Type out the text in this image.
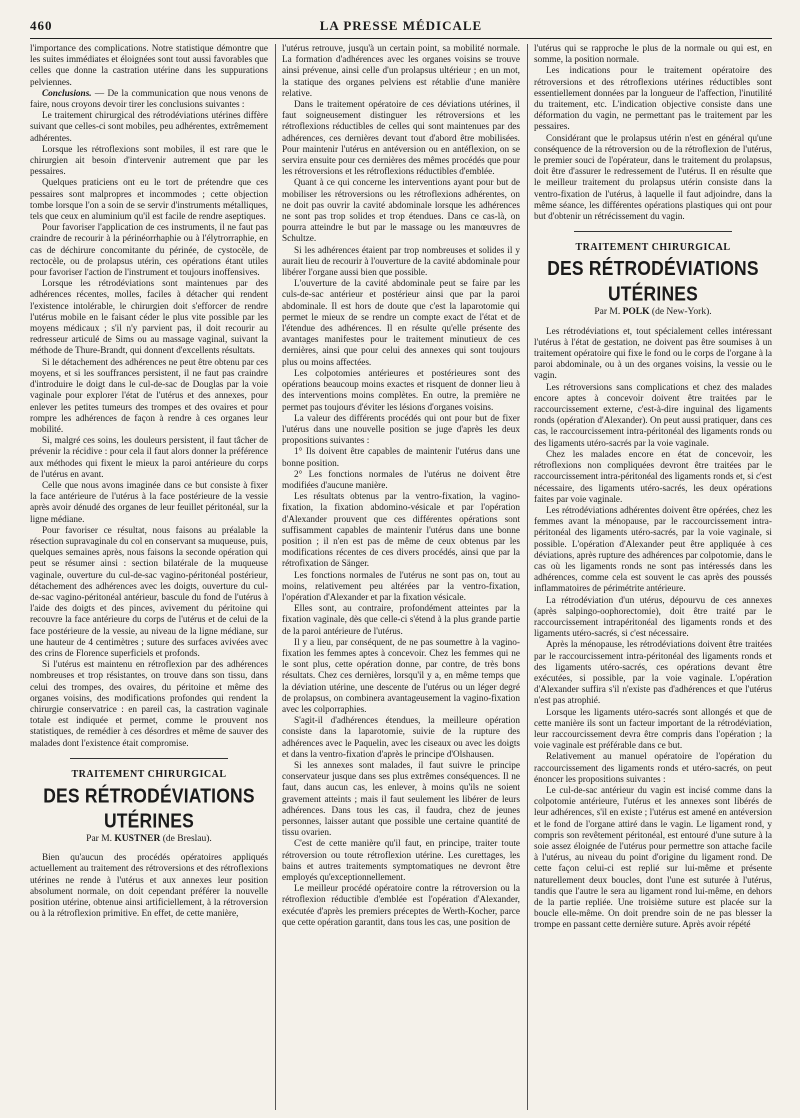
460	LA PRESSE MÉDICALE

l'importance des complications. Notre statistique démontre que les suites immédiates et éloignées sont tout aussi favorables que celles que donne la castration utérine dans les suppurations pelviennes.

Conclusions. — De la communication que nous venons de faire, nous croyons devoir tirer les conclusions suivantes :

Le traitement chirurgical des rétrodéviations utérines diffère suivant que celles-ci sont mobiles, peu adhérentes, extrêmement adhérentes.

Lorsque les rétroflexions sont mobiles, il est rare que le chirurgien ait besoin d'intervenir autrement que par les pessaires.

Quelques praticiens ont eu le tort de prétendre que ces pessaires sont malpropres et incommodes ; cette objection tombe lorsque l'on a soin de se servir d'instruments métalliques, tels que ceux en aluminium qu'il est facile de rendre aseptiques.

Pour favoriser l'application de ces instruments, il ne faut pas craindre de recourir à la périnéorrhaphie ou à l'élytrorraphie, en cas de déchirure concomitante du périnée, de cystocèle, de rectocèle, ou de prolapsus utérin, ces opérations étant utiles pour favoriser l'action de l'instrument et toujours inoffensives.

Lorsque les rétrodéviations sont maintenues par des adhérences récentes, molles, faciles à détacher qui rendent l'existence intolérable, le chirurgien doit s'efforcer de rendre l'utérus mobile en le faisant céder le plus vite possible par les moyens médicaux ; s'il n'y parvient pas, il doit recourir au redresseur articulé de Sims ou au massage vaginal, suivant la méthode de Thure-Brandt, qui donnent d'excellents résultats.

Si le détachement des adhérences ne peut être obtenu par ces moyens, et si les souffrances persistent, il ne faut pas craindre d'introduire le doigt dans le cul-de-sac de Douglas par la voie vaginale pour explorer l'état de l'utérus et des annexes, pour enlever les petites tumeurs des trompes et des ovaires et pour rompre les adhérences de façon à rendre à ces organes leur mobilité.

Si, malgré ces soins, les douleurs persistent, il faut tâcher de prévenir la récidive : pour cela il faut alors donner la préférence aux méthodes qui fixent le mieux la paroi antérieure du corps de l'utérus en avant.

Celle que nous avons imaginée dans ce but consiste à fixer la face antérieure de l'utérus à la face postérieure de la vessie après avoir dénudé des organes de leur feuillet péritonéal, sur la ligne médiane.

Pour favoriser ce résultat, nous faisons au préalable la résection supravaginale du col en conservant sa muqueuse, puis, quelques semaines après, nous faisons la seconde opération qui peut se résumer ainsi : section bilatérale de la muqueuse vaginale, ouverture du cul-de-sac vagino-péritonéal postérieur, détachement des adhérences avec les doigts, ouverture du cul-de-sac vagino-péritonéal antérieur, bascule du fond de l'utérus à l'aide des doigts et des pinces, avivement du péritoine qui recouvre la face antérieure du corps de l'utérus et de celui de la face postérieure de la vessie, au niveau de la ligne médiane, sur une hauteur de 4 centimètres ; suture des surfaces avivées avec des crins de Florence superficiels et profonds.

Si l'utérus est maintenu en rétroflexion par des adhérences nombreuses et trop résistantes, on trouve dans son tissu, dans celui des trompes, des ovaires, du péritoine et même des organes voisins, des modifications profondes qui rendent la chirurgie conservatrice : en pareil cas, la castration vaginale totale est indiquée et permet, comme le prouvent nos statistiques, de remédier à ces désordres et même de sauver des malades dont l'existence était compromise.

TRAITEMENT CHIRURGICAL
DES RÉTRODÉVIATIONS UTÉRINES
Par M. KUSTNER (de Breslau).

Bien qu'aucun des procédés opératoires appliqués actuellement au traitement des rétroversions et des rétroflexions utérines ne rende à l'utérus et aux annexes leur position absolument normale, on doit cependant préférer la nouvelle position utérine, obtenue ainsi artificiellement, à la rétroversion ou à la rétroflexion primitive. En effet, de cette manière,

l'utérus retrouve, jusqu'à un certain point, sa mobilité normale. La formation d'adhérences avec les organes voisins se trouve ainsi prévenue, ainsi celle d'un prolapsus ultérieur ; en un mot, la statique des organes pelviens est rétablie d'une manière relative.

Dans le traitement opératoire de ces déviations utérines, il faut soigneusement distinguer les rétroversions et les rétroflexions réductibles de celles qui sont maintenues par des adhérences, ces dernières devant tout d'abord être mobilisées. Pour maintenir l'utérus en antéversion ou en antéflexion, on se servira ensuite pour ces dernières des mêmes procédés que pour les rétroversions et les rétroflexions réductibles d'emblée.

Quant à ce qui concerne les interventions ayant pour but de mobiliser les rétroversions ou les rétroflexions adhérentes, on ne doit pas ouvrir la cavité abdominale lorsque les adhérences ne sont pas trop solides et trop étendues. Dans ce cas-là, on pourra atteindre le but par le massage ou les manœuvres de Schultze.

Si les adhérences étaient par trop nombreuses et solides il y aurait lieu de recourir à l'ouverture de la cavité abdominale pour libérer l'organe aussi bien que possible.

L'ouverture de la cavité abdominale peut se faire par les culs-de-sac antérieur et postérieur ainsi que par la paroi abdominale. Il est hors de doute que c'est la laparotomie qui permet le mieux de se rendre un compte exact de l'état et de l'étendue des adhérences. Il en résulte qu'elle présente des avantages manifestes pour le traitement minutieux de ces dernières, ainsi que pour celui des annexes qui sont toujours plus ou moins affectées.

Les colpotomies antérieures et postérieures sont des opérations beaucoup moins exactes et risquent de donner lieu à des interventions moins complètes. En outre, la première ne permet pas toujours d'éviter les lésions d'organes voisins.

La valeur des différents procédés qui ont pour but de fixer l'utérus dans une nouvelle position se juge d'après les deux propositions suivantes :

1° Ils doivent être capables de maintenir l'utérus dans une bonne position.

2° Les fonctions normales de l'utérus ne doivent être modifiées d'aucune manière.

Les résultats obtenus par la ventro-fixation, la vagino-fixation, la fixation abdomino-vésicale et par l'opération d'Alexander prouvent que ces différentes opérations sont suffisamment capables de maintenir l'utérus dans une bonne position ; il n'en est pas de même de ceux obtenus par les modifications récentes de ces divers procédés, ainsi que par la rétrofixation de Sänger.

Les fonctions normales de l'utérus ne sont pas on, tout au moins, relativement peu altérées par la ventro-fixation, l'opération d'Alexander et par la fixation vésicale.

Elles sont, au contraire, profondément atteintes par la fixation vaginale, dès que celle-ci s'étend à la plus grande partie de la paroi antérieure de l'utérus.

Il y a lieu, par conséquent, de ne pas soumettre à la vagino-fixation les femmes aptes à concevoir. Chez les femmes qui ne le sont plus, cette opération donne, par contre, de très bons résultats. Chez ces dernières, lorsqu'il y a, en même temps que la déviation utérine, une descente de l'utérus ou un léger degré de prolapsus, on combinera avantageusement la vagino-fixation avec les colporraphies.

S'agit-il d'adhérences étendues, la meilleure opération consiste dans la laparotomie, suivie de la rupture des adhérences avec le Paquelin, avec les ciseaux ou avec les doigts et dans la ventro-fixation d'après le principe d'Olshausen.

Si les annexes sont malades, il faut suivre le principe conservateur jusque dans ses plus extrêmes conséquences. Il ne faut, dans aucun cas, les enlever, à moins qu'ils ne soient gravement atteints ; mais il faut seulement les libérer de leurs adhérences. Dans tous les cas, il faudra, chez de jeunes personnes, laisser autant que possible une certaine quantité de tissu ovarien.

C'est de cette manière qu'il faut, en principe, traiter toute rétroversion ou toute rétroflexion utérine. Les curettages, les bains et autres traitements symptomatiques ne devront être employés qu'exceptionnellement.

Le meilleur procédé opératoire contre la rétroversion ou la rétroflexion réductible d'emblée est l'opération d'Alexander, exécutée d'après les premiers préceptes de Werth-Kocher, parce que cette opération garantit, dans tous les cas, une position de

l'utérus qui se rapproche le plus de la normale ou qui est, en somme, la position normale.

Les indications pour le traitement opératoire des rétroversions et des rétroflexions utérines réductibles sont essentiellement données par la longueur de l'affection, l'inutilité du traitement, etc. L'indication objective consiste dans une déformation du vagin, ne permettant pas le traitement par les pessaires.

Considérant que le prolapsus utérin n'est en général qu'une conséquence de la rétroversion ou de la rétroflexion de l'utérus, le premier souci de l'opérateur, dans le traitement du prolapsus, doit être d'assurer le redressement de l'utérus. Il en résulte que le meilleur traitement du prolapsus utérin consiste dans la ventro-fixation de l'utérus, à laquelle il faut adjoindre, dans la même séance, les différentes opérations plastiques qui ont pour but d'obtenir un rétrécissement du vagin.

TRAITEMENT CHIRURGICAL
DES RÉTRODÉVIATIONS UTÉRINES
Par M. POLK (de New-York).

Les rétrodéviations et, tout spécialement celles intéressant l'utérus à l'état de gestation, ne doivent pas être soumises à un traitement opératoire qui fixe le fond ou le corps de l'organe à la paroi abdominale, ou à un des organes voisins, la vessie ou le vagin.

Les rétroversions sans complications et chez des malades encore aptes à concevoir doivent être traitées par le raccourcissement externe, c'est-à-dire inguinal des ligaments ronds (opération d'Alexander). On peut aussi pratiquer, dans ces cas, le raccourcissement intra-péritonéal des ligaments ronds ou des ligaments utéro-sacrés par la voie vaginale.

Chez les malades encore en état de concevoir, les rétroflexions non compliquées devront être traitées par le raccourcissement intra-péritonéal des ligaments ronds et, si c'est nécessaire, des ligaments utéro-sacrés, les deux opérations faites par voie vaginale.

Les rétrodéviations adhérentes doivent être opérées, chez les femmes avant la ménopause, par le raccourcissement intra-péritonéal des ligaments utéro-sacrés, par la voie vaginale, si possible. L'opération d'Alexander peut être appliquée à ces déviations, après rupture des adhérences par colpotomie, dans le cas où les ligaments ronds ne sont pas intéressés dans les adhérences, comme cela est souvent le cas après des poussés inflammatoires de périmétrite antérieure.

La rétrodéviation d'un utérus, dépourvu de ces annexes (après salpingo-oophorectomie), doit être traité par le raccourcissement intrapéritonéal des ligaments ronds et des ligaments utéro-sacrés, si c'est nécessaire.

Après la ménopause, les rétrodéviations doivent être traitées par le raccourcissement intra-péritonéal des ligaments ronds et des ligaments utéro-sacrés, ces opérations devant être exécutées, si possible, par la voie vaginale. L'opération d'Alexander suffira s'il n'existe pas d'adhérences et que l'utérus n'est pas atrophié.

Lorsque les ligaments utéro-sacrés sont allongés et que de cette manière ils sont un facteur important de la rétrodéviation, leur raccourcissement devra être compris dans l'opération ; la voie vaginale est préférable dans ce but.

Relativement au manuel opératoire de l'opération du raccourcissement des ligaments ronds et utéro-sacrés, on peut énoncer les propositions suivantes :

Le cul-de-sac antérieur du vagin est incisé comme dans la colpotomie antérieure, l'utérus et les annexes sont libérés de leur adhérences, s'il en existe ; l'utérus est amené en antéversion et le fond de l'organe attiré dans le vagin. Le ligament rond, y compris son revêtement péritonéal, est entouré d'une suture à la soie assez éloignée de l'utérus pour permettre son attache facile à l'utérus, au niveau du point d'origine du ligament rond. De cette façon celui-ci est replié sur lui-même et présente naturellement deux boucles, dont l'une est suturée à l'utérus, tandis que l'autre le sera au ligament rond lui-même, en dehors de la partie repliée. Une troisième suture est placée sur la boucle elle-même. On doit prendre soin de ne pas blesser la trompe en passant cette dernière suture. Après avoir répété
